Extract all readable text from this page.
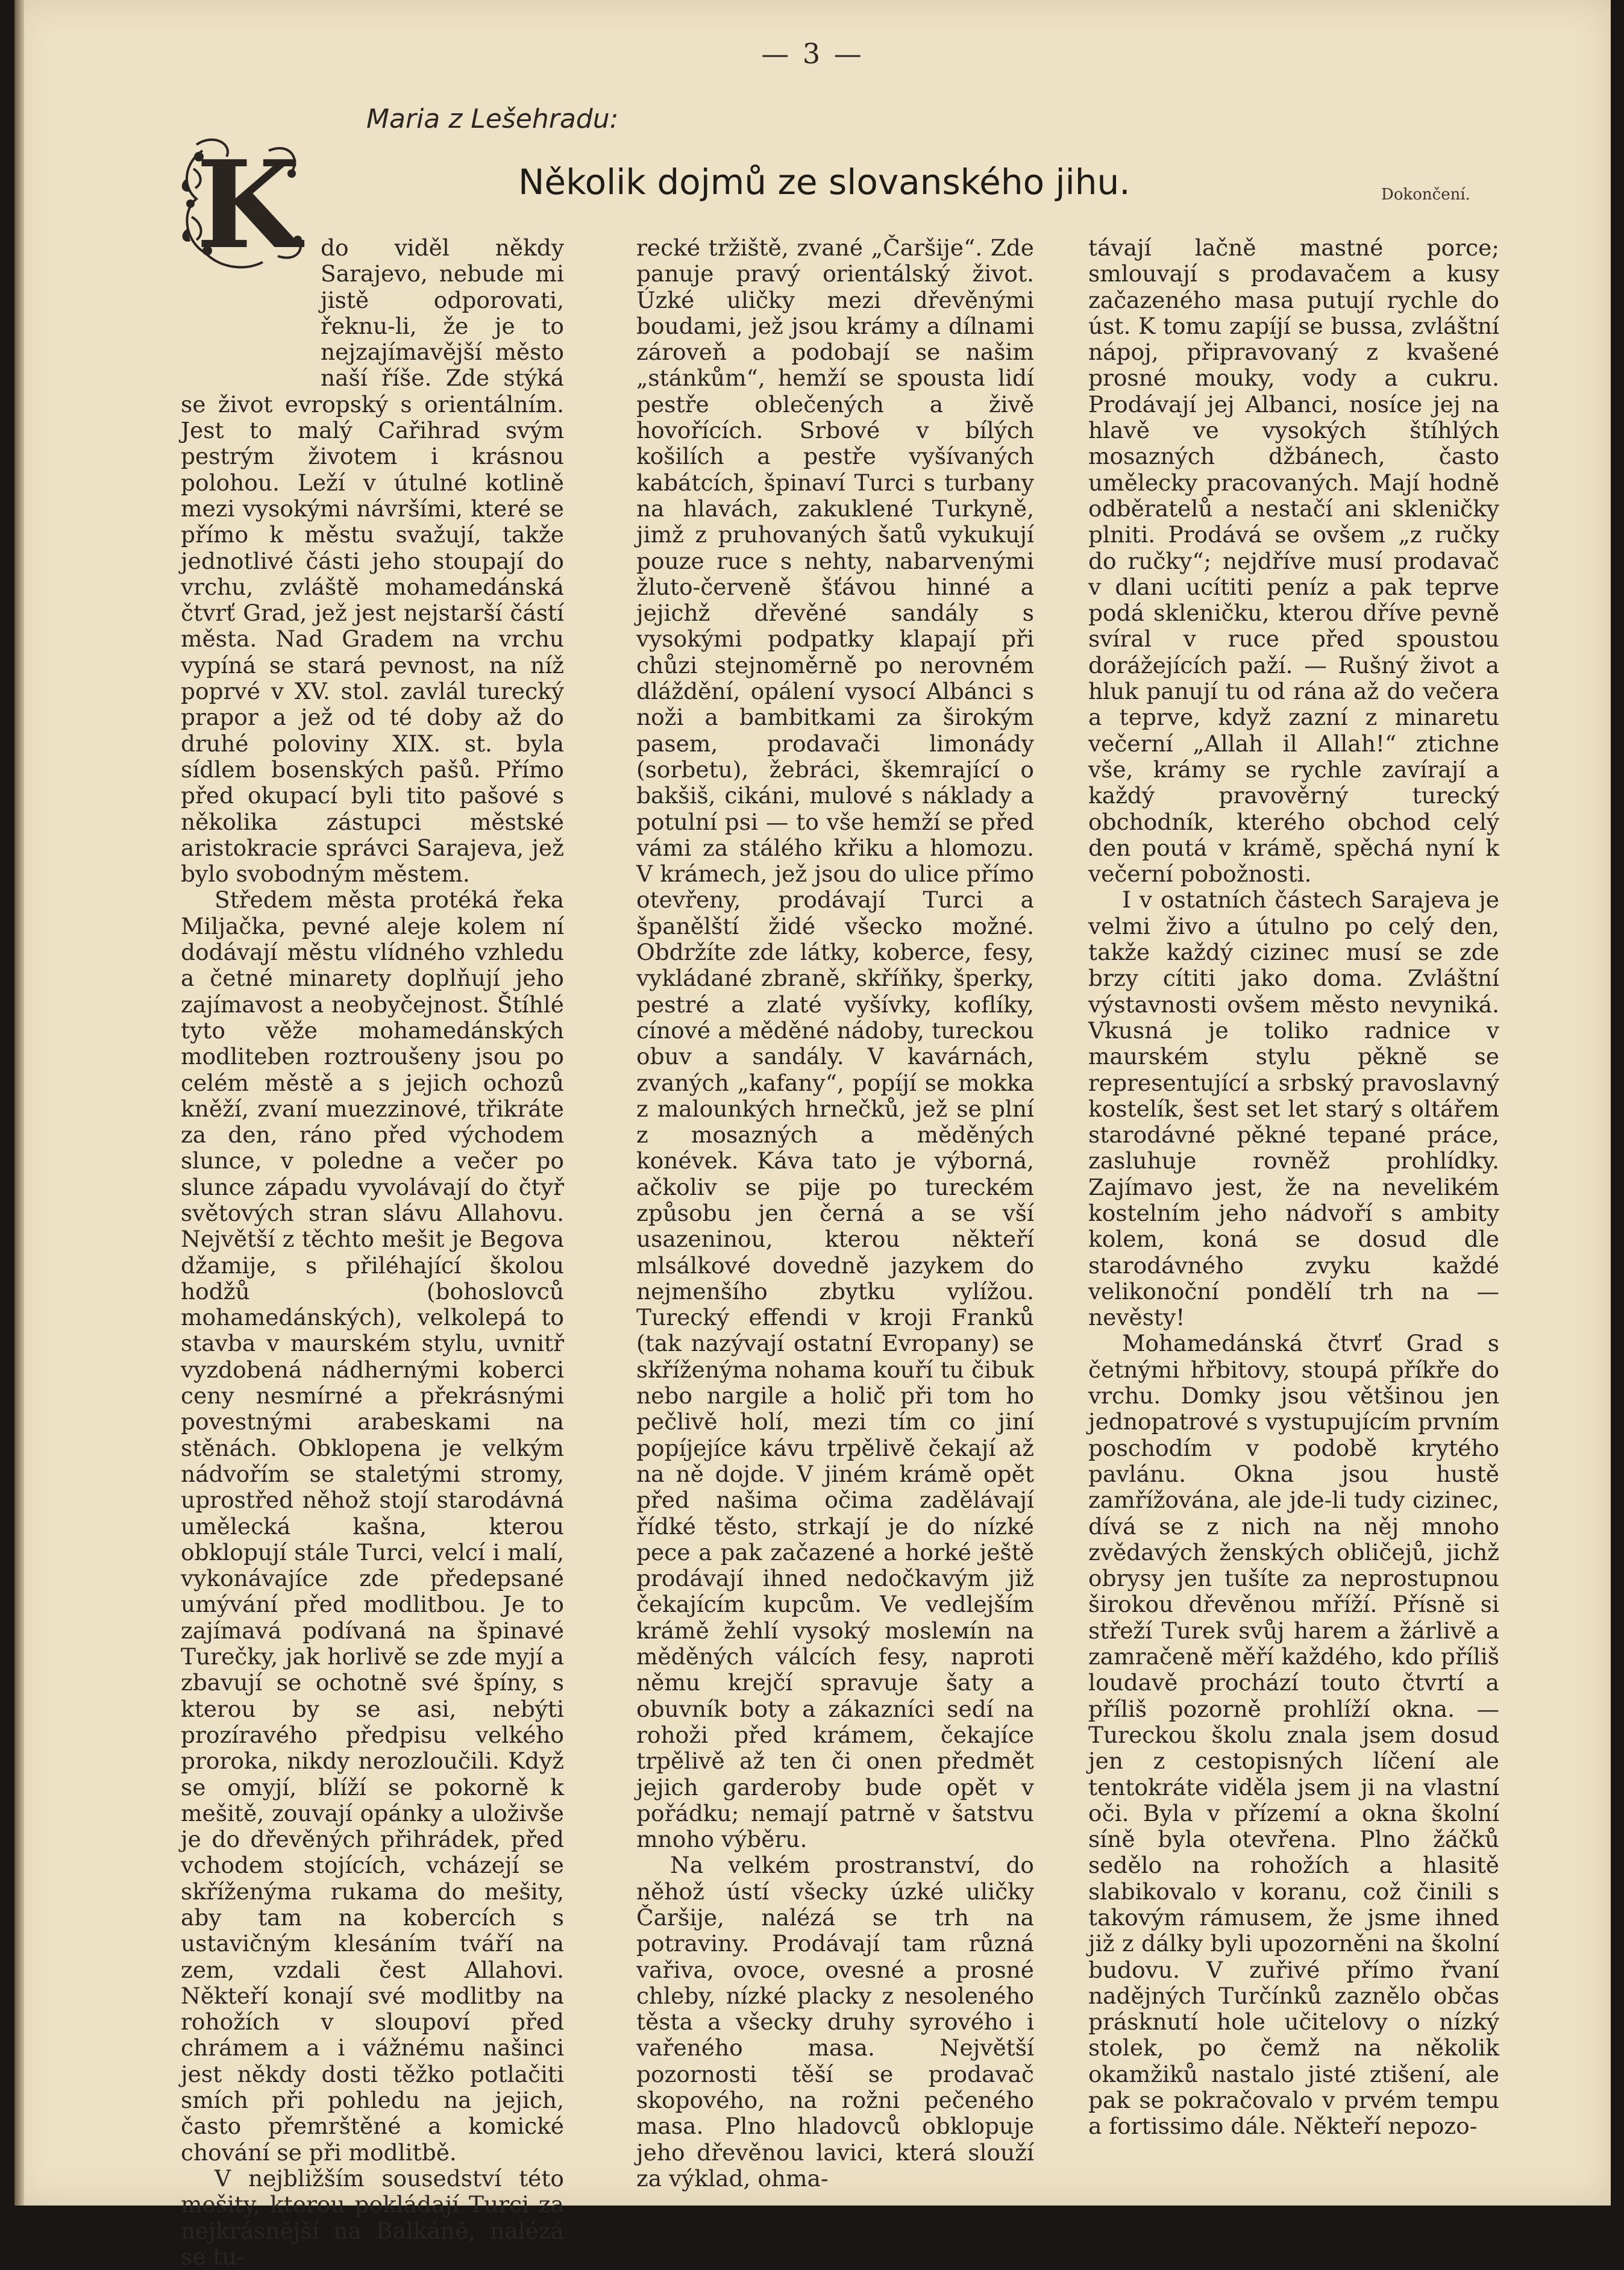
— 3 —
Maria z Lešehradu:
Několik dojmů ze slovanského jihu.	Dokončení.
K do viděl někdy Sarajevo, nebude mi jistě odporovati, řeknu-li, že je to nejzajímavější město naší říše. Zde stýká se život evropský s orientálním. Jest to malý Cařihrad svým pestrým životem i krásnou polohou. Leží v útulné kotlině mezi vysokými návršími, které se přímo k městu svažují, takže jednotlivé části jeho stoupají do vrchu, zvláště mohamedánská čtvrť Grad, jež jest nejstarší částí města. Nad Gradem na vrchu vypíná se stará pevnost, na níž poprvé v XV. stol. zavlál turecký prapor a jež od té doby až do druhé poloviny XIX. st. byla sídlem bosenských pašů. Přímo před okupací byli tito pašové s několika zástupci městské aristokracie správci Sarajeva, jež bylo svobodným městem.

Středem města protéká řeka Miljačka, pevné aleje kolem ní dodávají městu vlídného vzhledu a četné minarety doplňují jeho zajímavost a neobyčejnost. Štíhlé tyto věže mohamedánských modliteben roztroušeny jsou po celém městě a s jejich ochozů kněží, zvaní muezzinové, třikráte za den, ráno před východem slunce, v poledne a večer po slunce západu vyvolávají do čtyř světových stran slávu Allahovu. Největší z těchto mešit je Begova džamije, s přiléhající školou hodžů (bohoslovců mohamedánských), velkolepá to stavba v maurském stylu, uvnitř vyzdobená nádhernými koberci ceny nesmírné a překrásnými povestnými arabeskami na stěnách. Obklopena je velkým nádvořím se staletými stromy, uprostřed něhož stojí starodávná umělecká kašna, kterou obklopují stále Turci, velcí i malí, vykonávajíce zde předepsané umývání před modlitbou. Je to zajímavá podívaná na špinavé Turečky, jak horlivě se zde myjí a zbavují se ochotně své špíny, s kterou by se asi, nebýti prozíravého předpisu velkého proroka, nikdy nerozloučili. Když se omyjí, blíží se pokorně k mešitě, zouvají opánky a uloživše je do dřevěných přihrádek, před vchodem stojících, vcházejí se skříženýma rukama do mešity, aby tam na kobercích s ustavičným klesáním tváří na zem, vzdali čest Allahovi. Někteří konají své modlitby na rohožích v sloupoví před chrámem a i vážnému našinci jest někdy dosti těžko potlačiti smích při pohledu na jejich, často přemrštěné a komické chování se při modlitbě.

V nejbližším sousedství této mešity, kterou pokládají Turci za nejkrásnější na Balkáně, nalézá se tu-

recké tržiště, zvané „Čaršije“. Zde panuje pravý orientálský život. Úzké uličky mezi dřevěnými boudami, jež jsou krámy a dílnami zároveň a podobají se našim „stánkům“, hemží se spousta lidí pestře oblečených a živě hovořících. Srbové v bílých košilích a pestře vyšívaných kabátcích, špinaví Turci s turbany na hlavách, zakuklené Turkyně, jimž z pruhovaných šatů vykukují pouze ruce s nehty, nabarvenými žluto-červeně šťávou hinné a jejichž dřevěné sandály s vysokými podpatky klapají při chůzi stejnoměrně po nerovném dláždění, opálení vysocí Albánci s noži a bambitkami za širokým pasem, prodavači limonády (sorbetu), žebráci, škemrající o bakšiš, cikáni, mulové s náklady a potulní psi — to vše hemží se před vámi za stálého křiku a hlomozu. V krámech, jež jsou do ulice přímo otevřeny, prodávají Turci a španělští židé všecko možné. Obdržíte zde látky, koberce, fesy, vykládané zbraně, skříňky, šperky, pestré a zlaté vyšívky, koflíky, cínové a měděné nádoby, tureckou obuv a sandály. V kavárnách, zvaných „kafany“, popíjí se mokka z malounkých hrnečků, jež se plní z mosazných a měděných konévek. Káva tato je výborná, ačkoliv se pije po tureckém způsobu jen černá a se vší usazeninou, kterou někteří mlsálkové dovedně jazykem do nejmenšího zbytku vylížou. Turecký effendi v kroji Franků (tak nazývají ostatní Evropany) se skříženýma nohama kouří tu čibuk nebo nargile a holič při tom ho pečlivě holí, mezi tím co jiní popíjejíce kávu trpělivě čekají až na ně dojde. V jiném krámě opět před našima očima zadělávají řídké těsto, strkají je do nízké pece a pak začazené a horké ještě prodávají ihned nedočkavým již čekajícím kupcům. Ve vedlejším krámě žehlí vysoký mosleмín na měděných válcích fesy, naproti němu krejčí spravuje šaty a obuvník boty a zákazníci sedí na rohoži před krámem, čekajíce trpělivě až ten či onen předmět jejich garderoby bude opět v pořádku; nemají patrně v šatstvu mnoho výběru.

Na velkém prostranství, do něhož ústí všecky úzké uličky Čaršije, nalézá se trh na potraviny. Prodávají tam různá vařiva, ovoce, ovesné a prosné chleby, nízké placky z nesoleného těsta a všecky druhy syrového i vařeného masa. Největší pozornosti těší se prodavač skopového, na rožni pečeného masa. Plno hladovců obklopuje jeho dřevěnou lavici, která slouží za výklad, ohma-

távají lačně mastné porce; smlouvají s prodavačem a kusy začazeného masa putují rychle do úst. K tomu zapíjí se bussa, zvláštní nápoj, připravovaný z kvašené prosné mouky, vody a cukru. Prodávají jej Albanci, nosíce jej na hlavě ve vysokých štíhlých mosazných džbánech, často umělecky pracovaných. Mají hodně odběratelů a nestačí ani skleničky plniti. Prodává se ovšem „z ručky do ručky“; nejdříve musí prodavač v dlani ucítiti peníz a pak teprve podá skleničku, kterou dříve pevně svíral v ruce před spoustou dorážejících paží. — Rušný život a hluk panují tu od rána až do večera a teprve, když zazní z minaretu večerní „Allah il Allah!“ ztichne vše, krámy se rychle zavírají a každý pravověrný turecký obchodník, kterého obchod celý den poutá v krámě, spěchá nyní k večerní pobožnosti.

I v ostatních částech Sarajeva je velmi živo a útulno po celý den, takže každý cizinec musí se zde brzy cítiti jako doma. Zvláštní výstavnosti ovšem město nevyniká. Vkusná je toliko radnice v maurském stylu pěkně se representující a srbský pravoslavný kostelík, šest set let starý s oltářem starodávné pěkné tepané práce, zasluhuje rovněž prohlídky. Zajímavo jest, že na nevelikém kostelním jeho nádvoří s ambity kolem, koná se dosud dle starodávného zvyku každé velikonoční pondělí trh na — nevěsty!

Mohamedánská čtvrť Grad s četnými hřbitovy, stoupá příkře do vrchu. Domky jsou většinou jen jednopatrové s vystupujícím prvním poschodím v podobě krytého pavlánu. Okna jsou hustě zamřížována, ale jde-li tudy cizinec, dívá se z nich na něj mnoho zvědavých ženských obličejů, jichž obrysy jen tušíte za neprostupnou širokou dřevěnou mříží. Přísně si střeží Turek svůj harem a žárlivě a zamračeně měří každého, kdo příliš loudavě prochází touto čtvrtí a příliš pozorně prohlíží okna. — Tureckou školu znala jsem dosud jen z cestopisných líčení ale tentokráte viděla jsem ji na vlastní oči. Byla v přízemí a okna školní síně byla otevřena. Plno žáčků sedělo na rohožích a hlasitě slabikovalo v koranu, což činili s takovým rámusem, že jsme ihned již z dálky byli upozorněni na školní budovu. V zuřivé přímo řvaní nadějných Turčínků zaznělo občas prásknutí hole učitelovy o nízký stolek, po čemž na několik okamžiků nastalo jisté ztišení, ale pak se pokračovalo v prvém tempu a fortissimo dále. Někteří nepozo-
